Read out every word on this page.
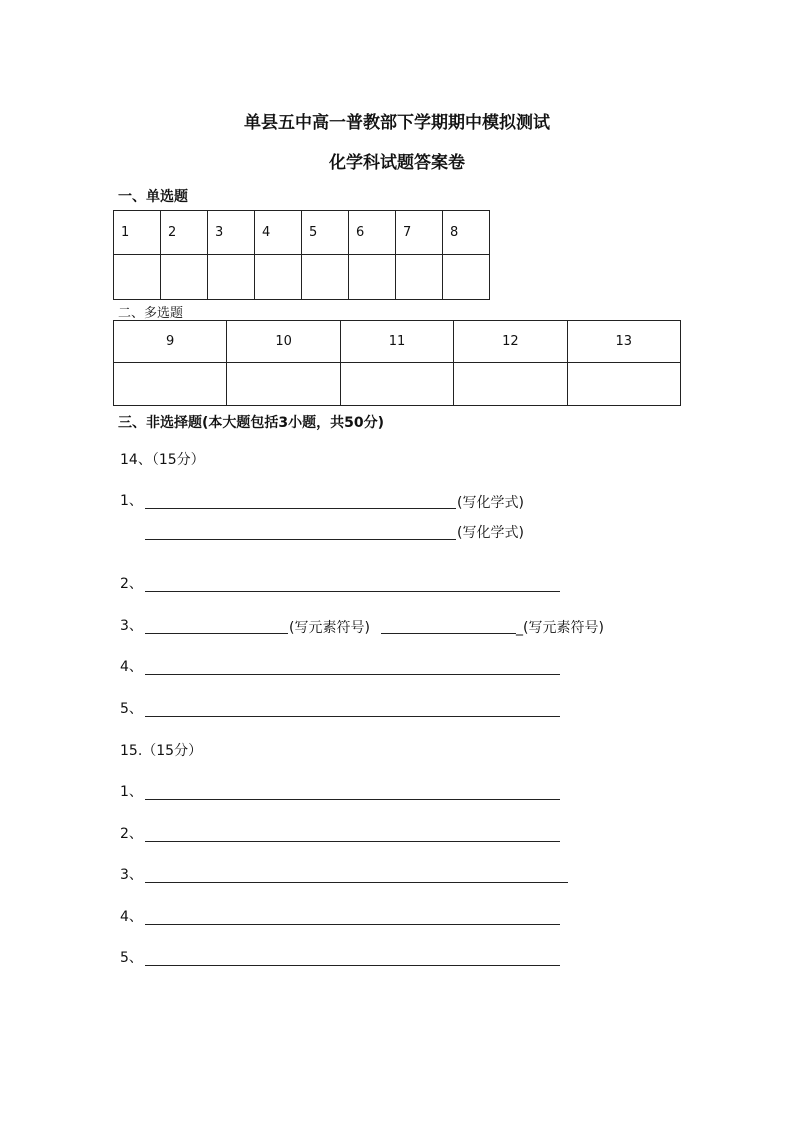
单县五中高一普教部下学期期中模拟测试
化学科试题答案卷
一、单选题
1	2	3	4	5	6	7	8

二、多选题
9	10	11	12	13

三、非选择题(本大题包括3小题，共50分)
14、（15分）
1、	(写化学式)
(写化学式)
2、
3、	(写元素符号)	_(写元素符号)
4、
5、
15.（15分）
1、
2、
3、
4、
5、
